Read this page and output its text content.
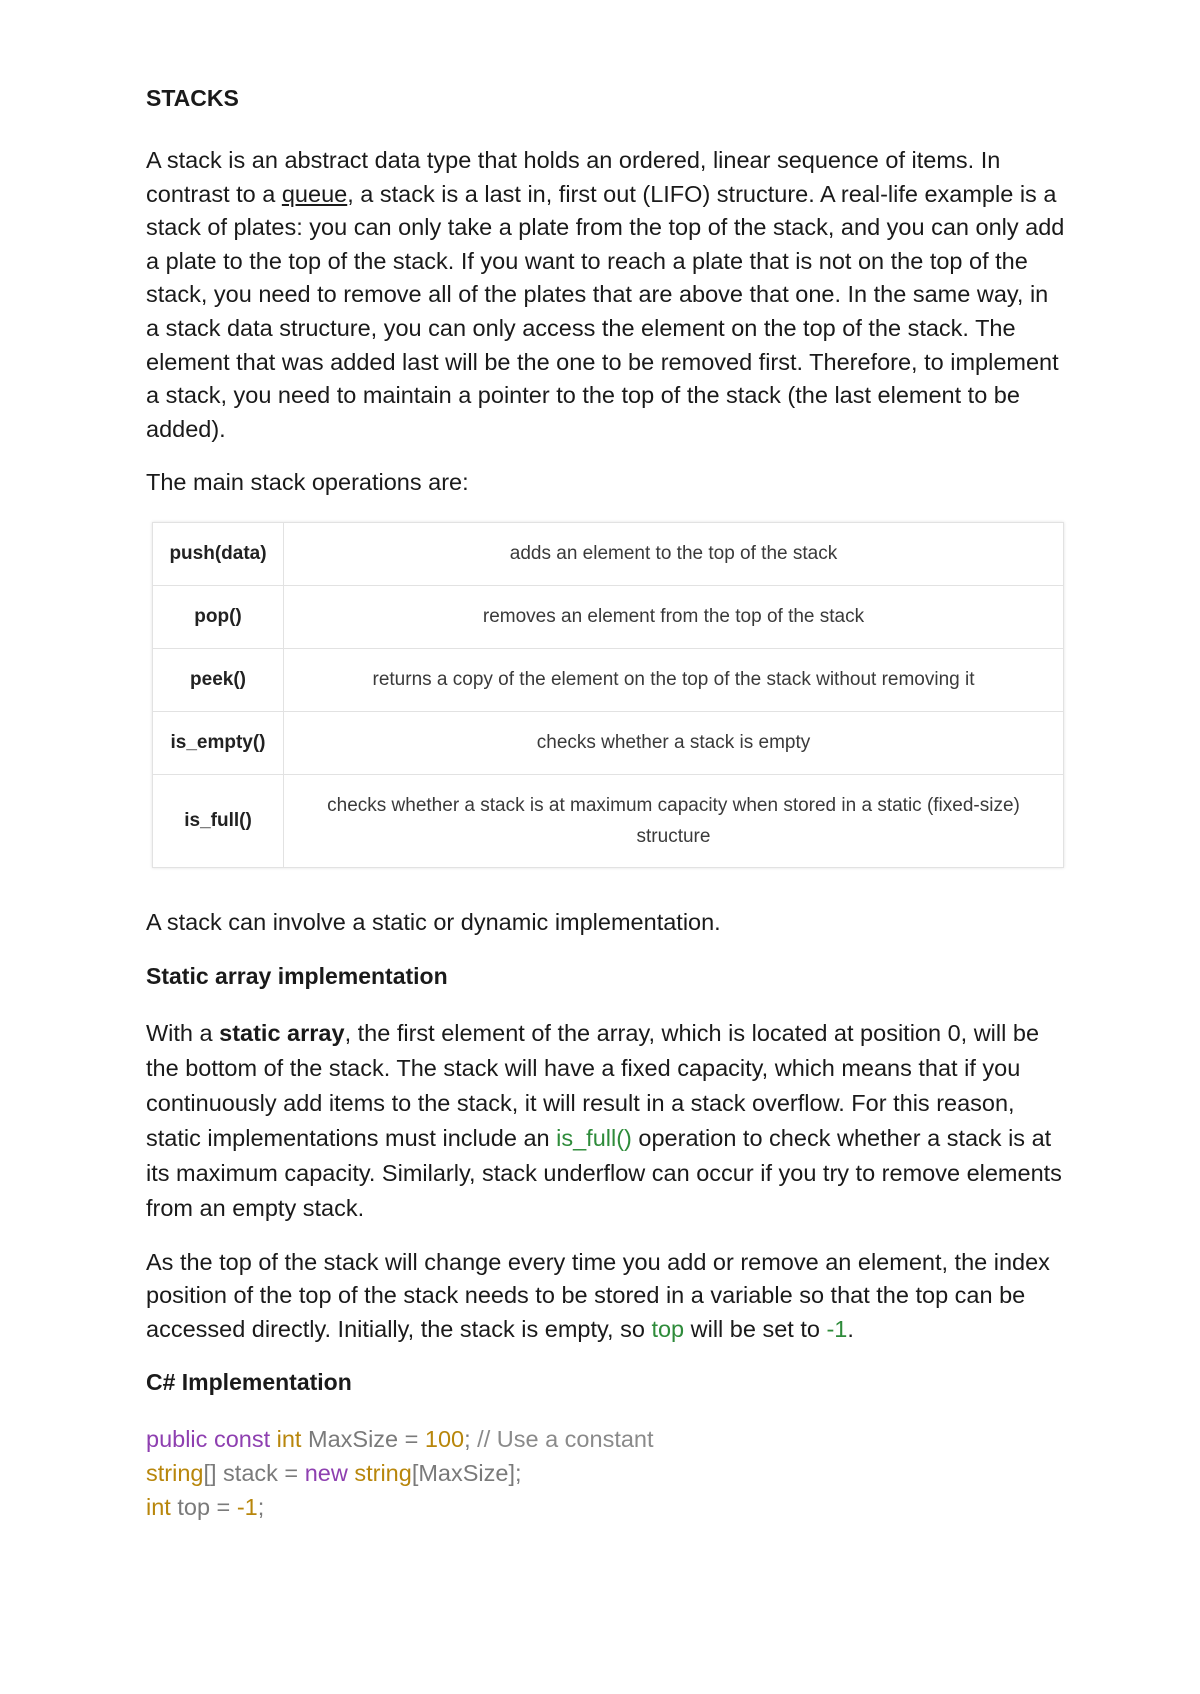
STACKS

A stack is an abstract data type that holds an ordered, linear sequence of items. In contrast to a queue, a stack is a last in, first out (LIFO) structure. A real-life example is a stack of plates: you can only take a plate from the top of the stack, and you can only add a plate to the top of the stack. If you want to reach a plate that is not on the top of the stack, you need to remove all of the plates that are above that one. In the same way, in a stack data structure, you can only access the element on the top of the stack. The element that was added last will be the one to be removed first. Therefore, to implement a stack, you need to maintain a pointer to the top of the stack (the last element to be added).

The main stack operations are:

push(data)	adds an element to the top of the stack
pop()	removes an element from the top of the stack
peek()	returns a copy of the element on the top of the stack without removing it
is_empty()	checks whether a stack is empty
is_full()	checks whether a stack is at maximum capacity when stored in a static (fixed-size) structure

A stack can involve a static or dynamic implementation.

Static array implementation

With a static array, the first element of the array, which is located at position 0, will be the bottom of the stack. The stack will have a fixed capacity, which means that if you continuously add items to the stack, it will result in a stack overflow. For this reason, static implementations must include an is_full() operation to check whether a stack is at its maximum capacity. Similarly, stack underflow can occur if you try to remove elements from an empty stack.

As the top of the stack will change every time you add or remove an element, the index position of the top of the stack needs to be stored in a variable so that the top can be accessed directly. Initially, the stack is empty, so top will be set to -1.

C# Implementation
public const int MaxSize = 100; // Use a constant
string[] stack = new string[MaxSize];
int top = -1;
